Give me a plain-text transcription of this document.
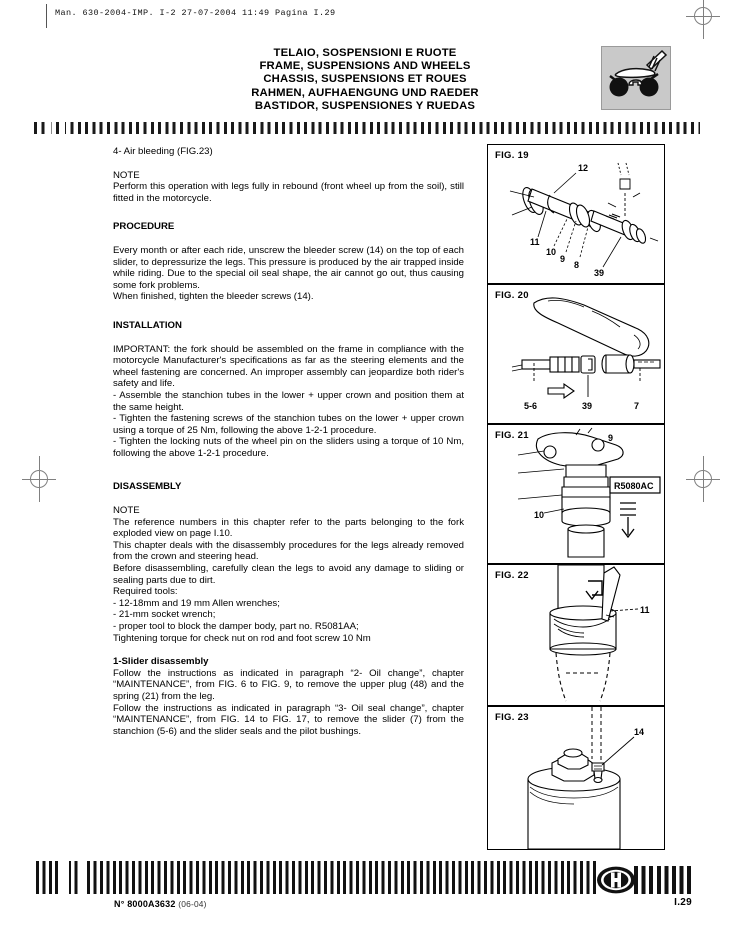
Man. 630-2004-IMP. I-2 27-07-2004 11:49 Pagina I.29
TELAIO, SOSPENSIONI E RUOTE
FRAME, SUSPENSIONS AND WHEELS
CHASSIS, SUSPENSIONS ET ROUES
RAHMEN, AUFHAENGUNG UND RAEDER
BASTIDOR, SUSPENSIONES Y RUEDAS

4- Air bleeding (FIG.23)

NOTE

Perform this operation with legs fully in rebound (front wheel up from the soil), still fitted in the motorcycle.

PROCEDURE

Every month or after each ride, unscrew the bleeder screw (14) on the top of each slider, to depressurize the legs. This pressure is produced by the air trapped inside while riding. Due to the special oil seal shape, the air cannot go out, thus causing some fork problems.

When finished, tighten the bleeder screws (14).

INSTALLATION

IMPORTANT: the fork should be assembled on the frame in compliance with the motorcycle Manufacturer's specifications as far as the steering elements and the wheel fastening are concerned. An improper assembly can jeopardize both rider's safety and life.

- Assemble the stanchion tubes in the lower + upper crown and position them at the same height.

- Tighten the fastening screws of the stanchion tubes on the lower + upper crown using a torque of 25 Nm, following the above 1-2-1 procedure.

- Tighten the locking nuts of the wheel pin on the sliders using a torque of 10 Nm, following the above 1-2-1 procedure.

DISASSEMBLY

NOTE

The reference numbers in this chapter refer to the parts belonging to the fork exploded view on page I.10.

This chapter deals with the disassembly procedures for the legs already removed from the crown and steering head.

Before disassembling, carefully clean the legs to avoid any damage to sliding or sealing parts due to dirt.

Required tools:

- 12-18mm and 19 mm Allen wrenches;

- 21-mm socket wrench;

- proper tool to block the damper body, part no. R5081AA;

Tightening torque for check nut on rod and foot screw 10 Nm

1-Slider disassembly

Follow the instructions as indicated in paragraph “2- Oil change”, chapter “MAINTENANCE”, from FIG. 6 to FIG. 9, to remove the upper plug (48) and the spring (21) from the leg.

Follow the instructions as indicated in paragraph “3- Oil seal change”, chapter “MAINTENANCE”, from FIG. 14 to FIG. 17, to remove the slider (7) from the stanchion (5-6) and the slider seals and the pilot bushings.

FIG. 19
12
11
10
9
8
39
FIG. 20
5-6	39	7
FIG. 21
R5080AC
10
9
FIG. 22
11
FIG. 23
14
N° 8000A3632 (06-04)	I.29
